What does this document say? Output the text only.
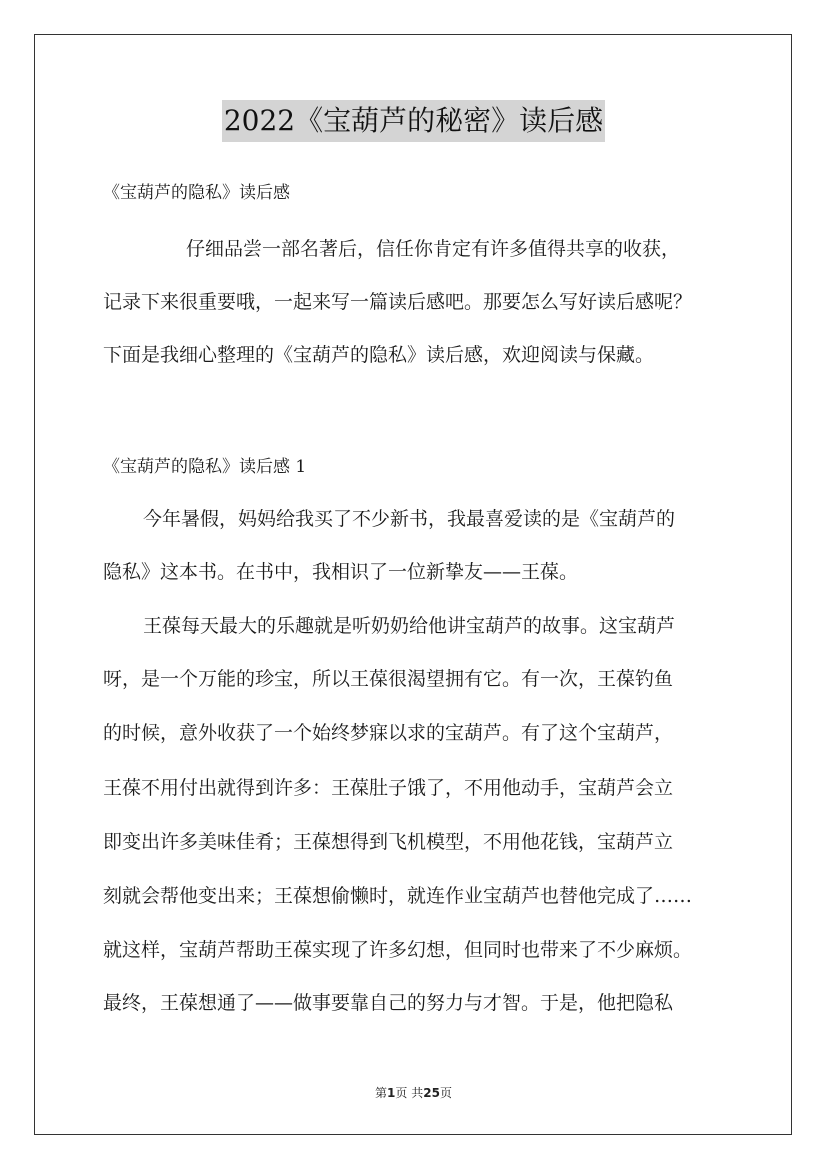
2022《宝葫芦的秘密》读后感
《宝葫芦的隐私》读后感
仔细品尝一部名著后，信任你肯定有许多值得共享的收获，
记录下来很重要哦，一起来写一篇读后感吧。那要怎么写好读后感呢？
下面是我细心整理的《宝葫芦的隐私》读后感，欢迎阅读与保藏。
《宝葫芦的隐私》读后感 1
今年暑假，妈妈给我买了不少新书，我最喜爱读的是《宝葫芦的
隐私》这本书。在书中，我相识了一位新挚友——王葆。
王葆每天最大的乐趣就是听奶奶给他讲宝葫芦的故事。这宝葫芦
呀，是一个万能的珍宝，所以王葆很渴望拥有它。有一次，王葆钓鱼
的时候，意外收获了一个始终梦寐以求的宝葫芦。有了这个宝葫芦，
王葆不用付出就得到许多：王葆肚子饿了，不用他动手，宝葫芦会立
即变出许多美味佳肴；王葆想得到飞机模型，不用他花钱，宝葫芦立
刻就会帮他变出来；王葆想偷懒时，就连作业宝葫芦也替他完成了……
就这样，宝葫芦帮助王葆实现了许多幻想，但同时也带来了不少麻烦。
最终，王葆想通了——做事要靠自己的努力与才智。于是，他把隐私
第1页 共25页
